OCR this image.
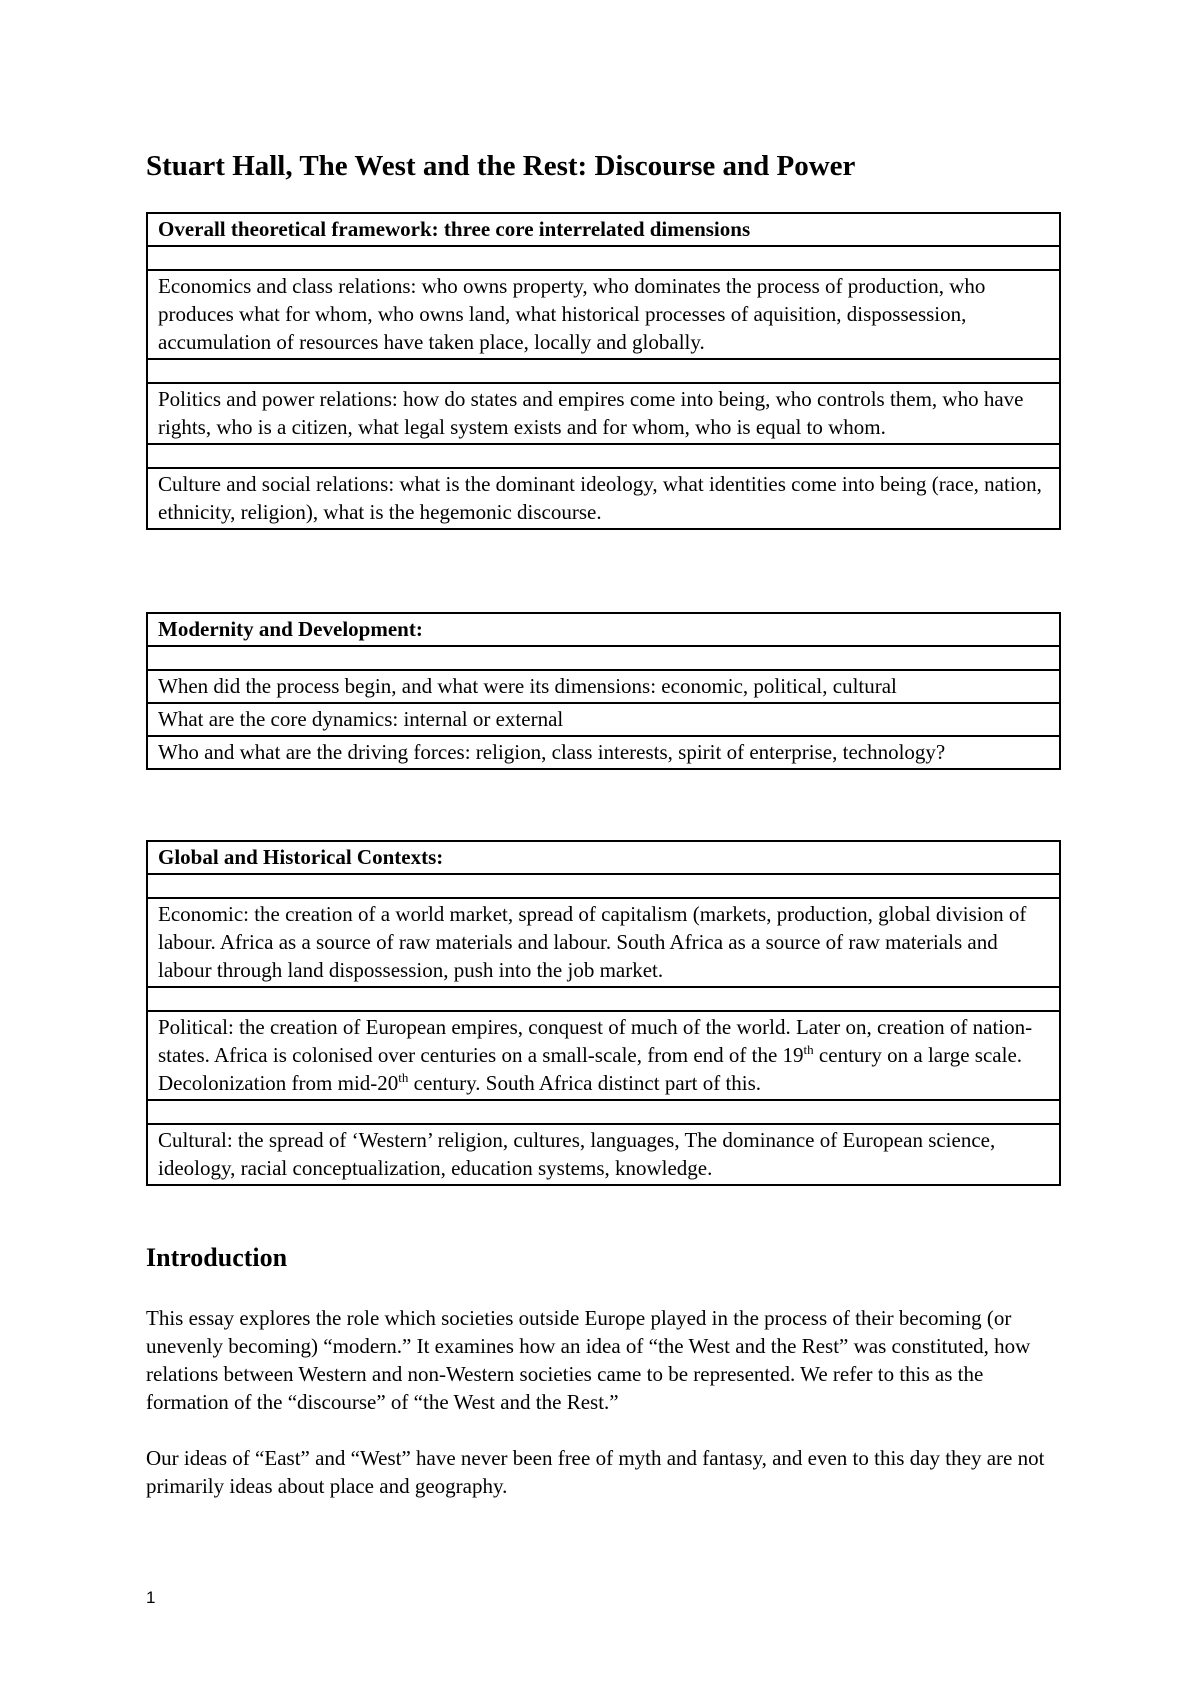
Stuart Hall, The West and the Rest: Discourse and Power
Overall theoretical framework: three core interrelated dimensions

Economics and class relations: who owns property, who dominates the process of production, who produces what for whom, who owns land, what historical processes of aquisition, dispossession, accumulation of resources have taken place, locally and globally.

Politics and power relations: how do states and empires come into being, who controls them, who have rights, who is a citizen, what legal system exists and for whom, who is equal to whom.

Culture and social relations: what is the dominant ideology, what identities come into being (race, nation, ethnicity, religion), what is the hegemonic discourse.
Modernity and Development:

When did the process begin, and what were its dimensions: economic, political, cultural
What are the core dynamics: internal or external
Who and what are the driving forces: religion, class interests, spirit of enterprise, technology?
Global and Historical Contexts:

Economic: the creation of a world market, spread of capitalism (markets, production, global division of labour. Africa as a source of raw materials and labour. South Africa as a source of raw materials and labour through land dispossession, push into the job market.

Political: the creation of European empires, conquest of much of the world. Later on, creation of nation-states. Africa is colonised over centuries on a small-scale, from end of the 19th century on a large scale. Decolonization from mid-20th century. South Africa distinct part of this.

Cultural: the spread of ‘Western’ religion, cultures, languages, The dominance of European science, ideology, racial conceptualization, education systems, knowledge.
Introduction

This essay explores the role which societies outside Europe played in the process of their becoming (or unevenly becoming) “modern.” It examines how an idea of “the West and the Rest” was constituted, how relations between Western and non-Western societies came to be represented. We refer to this as the formation of the “discourse” of “the West and the Rest.”

Our ideas of “East” and “West” have never been free of myth and fantasy, and even to this day they are not primarily ideas about place and geography.

1
